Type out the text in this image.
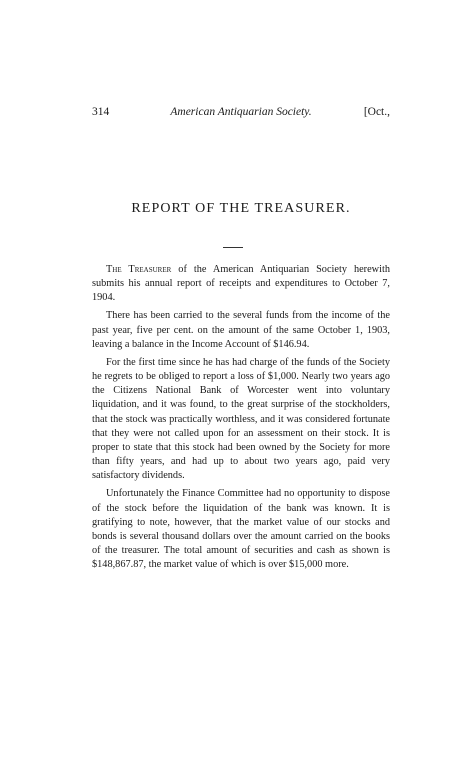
314	American Antiquarian Society.	[Oct.,
REPORT OF THE TREASURER.

The Treasurer of the American Antiquarian Society herewith submits his annual report of receipts and expenditures to October 7, 1904.

There has been carried to the several funds from the income of the past year, five per cent. on the amount of the same October 1, 1903, leaving a balance in the Income Account of $146.94.

For the first time since he has had charge of the funds of the Society he regrets to be obliged to report a loss of $1,000. Nearly two years ago the Citizens National Bank of Worcester went into voluntary liquidation, and it was found, to the great surprise of the stockholders, that the stock was practically worthless, and it was considered fortunate that they were not called upon for an assessment on their stock. It is proper to state that this stock had been owned by the Society for more than fifty years, and had up to about two years ago, paid very satisfactory dividends.

Unfortunately the Finance Committee had no opportunity to dispose of the stock before the liquidation of the bank was known. It is gratifying to note, however, that the market value of our stocks and bonds is several thousand dollars over the amount carried on the books of the treasurer. The total amount of securities and cash as shown is $148,867.87, the market value of which is over $15,000 more.
